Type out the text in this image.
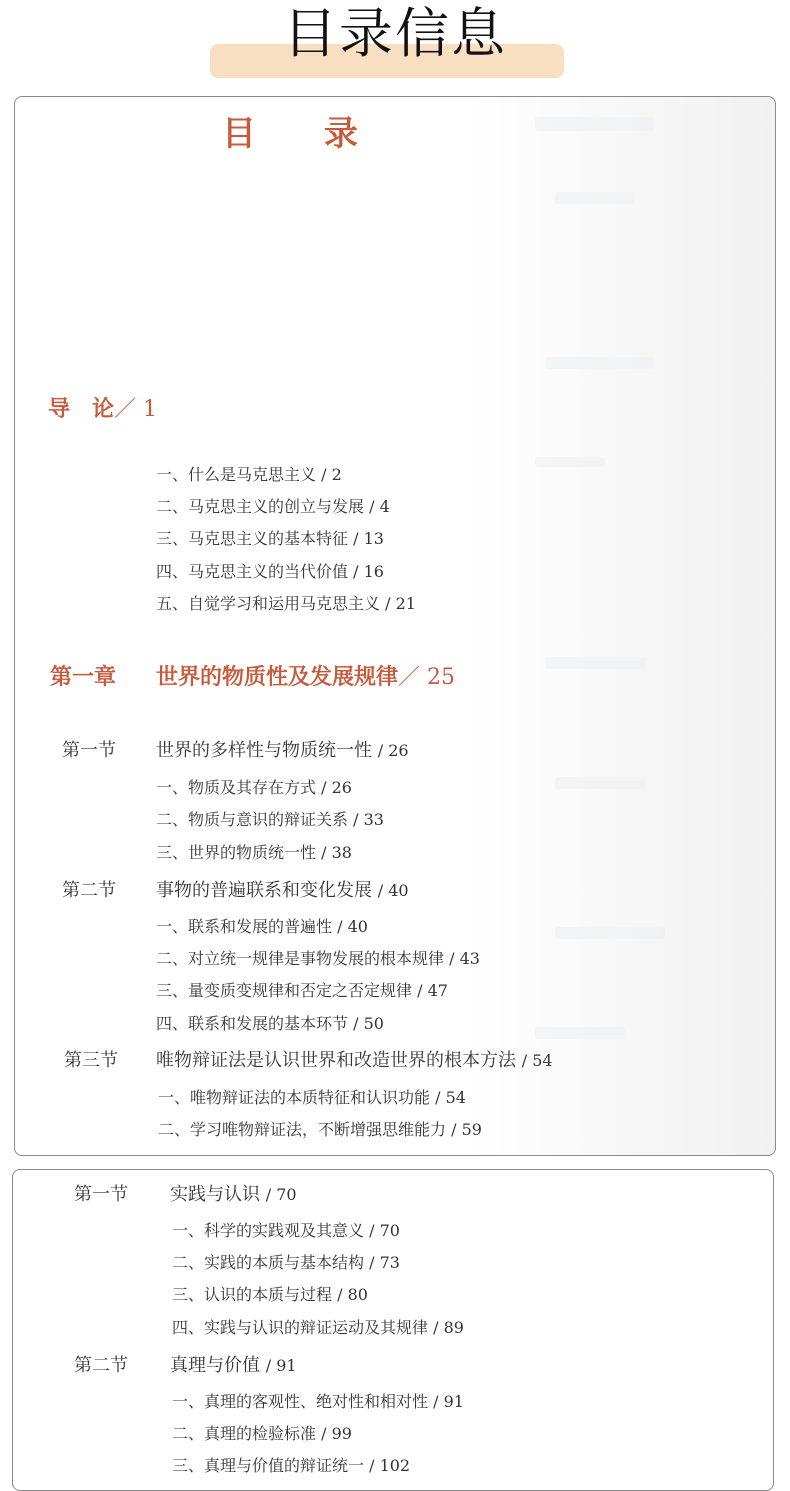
目录信息
目 录
导　论／ 1
一、什么是马克思主义 / 2
二、马克思主义的创立与发展 / 4
三、马克思主义的基本特征 / 13
四、马克思主义的当代价值 / 16
五、自觉学习和运用马克思主义 / 21
第一章 世界的物质性及发展规律／ 25
第一节 世界的多样性与物质统一性 / 26
一、物质及其存在方式 / 26
二、物质与意识的辩证关系 / 33
三、世界的物质统一性 / 38
第二节 事物的普遍联系和变化发展 / 40
一、联系和发展的普遍性 / 40
二、对立统一规律是事物发展的根本规律 / 43
三、量变质变规律和否定之否定规律 / 47
四、联系和发展的基本环节 / 50
第三节 唯物辩证法是认识世界和改造世界的根本方法 / 54
一、唯物辩证法的本质特征和认识功能 / 54
二、学习唯物辩证法，不断增强思维能力 / 59
第一节 实践与认识 / 70
一、科学的实践观及其意义 / 70
二、实践的本质与基本结构 / 73
三、认识的本质与过程 / 80
四、实践与认识的辩证运动及其规律 / 89
第二节 真理与价值 / 91
一、真理的客观性、绝对性和相对性 / 91
二、真理的检验标准 / 99
三、真理与价值的辩证统一 / 102
